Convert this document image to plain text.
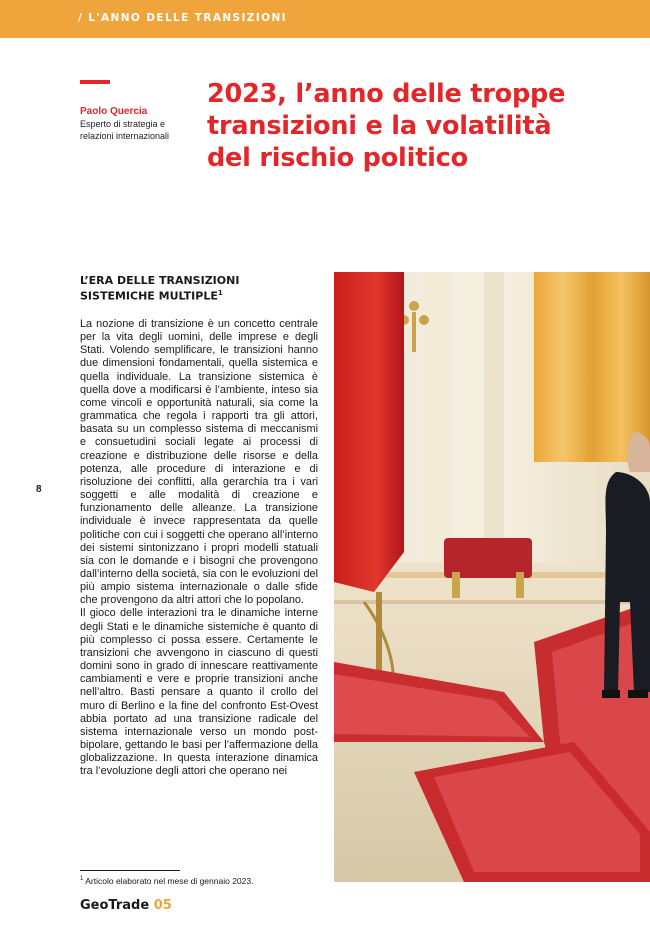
/ L'ANNO DELLE TRANSIZIONI
Paolo Quercia
Esperto di strategia e
relazioni internazionali
2023, l’anno delle troppe
transizioni e la volatilità
del rischio politico
L’ERA DELLE TRANSIZIONI
SISTEMICHE MULTIPLE$^1$

La nozione di transizione è un concetto centrale per la vita degli uomini, delle imprese e degli Stati. Volendo semplificare, le transizioni hanno due dimensioni fondamentali, quella sistemica e quella individuale. La transizione sistemica è quella dove a modificarsi è l’ambiente, inteso sia come vincoli e opportunità naturali, sia come la grammatica che regola i rapporti tra gli attori, basata su un complesso sistema di meccanismi e consuetudini sociali legate ai processi di creazione e distribuzione delle risorse e della potenza, alle procedure di interazione e di risoluzione dei conflitti, alla gerarchia tra i vari soggetti e alle modalità di creazione e funzionamento delle alleanze. La transizione individuale è invece rappresentata da quelle politiche con cui i soggetti che operano all’interno dei sistemi sintonizzano i propri modelli statuali sia con le domande e i bisogni che provengono dall’interno della società, sia con le evoluzioni del più ampio sistema internazionale o dalle sfide che provengono da altri attori che lo popolano.

Il gioco delle interazioni tra le dinamiche interne degli Stati e le dinamiche sistemiche è quanto di più complesso ci possa essere. Certamente le transizioni che avvengono in ciascuno di questi domini sono in grado di innescare reattivamente cambiamenti e vere e proprie transizioni anche nell’altro. Basti pensare a quanto il crollo del muro di Berlino e la fine del confronto Est-Ovest abbia portato ad una transizione radicale del sistema internazionale verso un mondo post-bipolare, gettando le basi per l’affermazione della globalizzazione. In questa interazione dinamica tra l’evoluzione degli attori che operano nei

8
$^1$ Articolo elaborato nel mese di gennaio 2023.
GeoTrade 05
